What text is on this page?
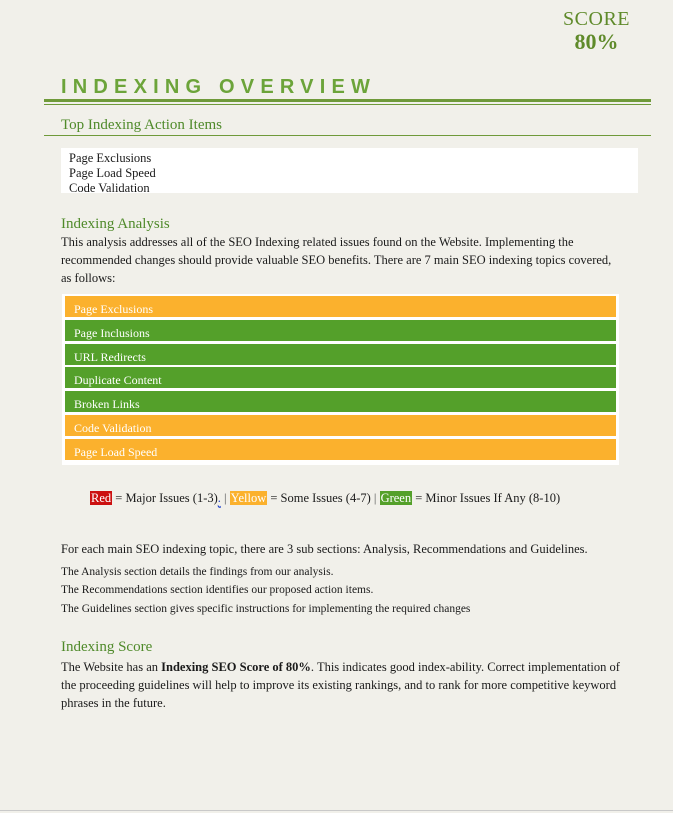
SCORE
80%
INDEXING OVERVIEW
Top Indexing Action Items
Page Exclusions
Page Load Speed
Code Validation
Indexing Analysis
This analysis addresses all of the SEO Indexing related issues found on the Website. Implementing the recommended changes should provide valuable SEO benefits. There are 7 main SEO indexing topics covered, as follows:
Page Exclusions
Page Inclusions
URL Redirects
Duplicate Content
Broken Links
Code Validation
Page Load Speed
Red = Major Issues (1-3). | Yellow = Some Issues (4-7) | Green = Minor Issues If Any (8-10)
For each main SEO indexing topic, there are 3 sub sections: Analysis, Recommendations and Guidelines.
The Analysis section details the findings from our analysis.
The Recommendations section identifies our proposed action items.
The Guidelines section gives specific instructions for implementing the required changes
Indexing Score
The Website has an Indexing SEO Score of 80%. This indicates good index-ability. Correct implementation of the proceeding guidelines will help to improve its existing rankings, and to rank for more competitive keyword phrases in the future.
